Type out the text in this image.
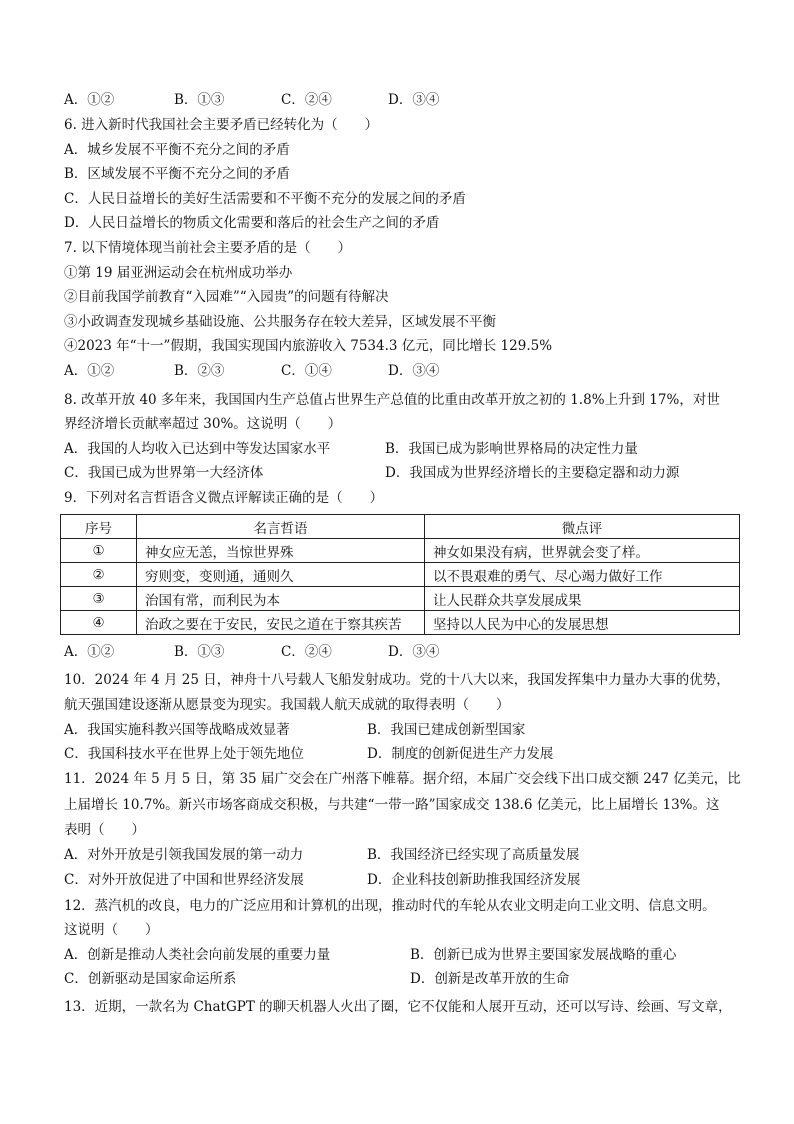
A．①②	B．①③	C．②④	D．③④
6. 进入新时代我国社会主要矛盾已经转化为（　　）
A．城乡发展不平衡不充分之间的矛盾
B．区域发展不平衡不充分之间的矛盾
C．人民日益增长的美好生活需要和不平衡不充分的发展之间的矛盾
D．人民日益增长的物质文化需要和落后的社会生产之间的矛盾
7. 以下情境体现当前社会主要矛盾的是（　　）
①第 19 届亚洲运动会在杭州成功举办
②目前我国学前教育“入园难”“入园贵”的问题有待解决
③小政调查发现城乡基础设施、公共服务存在较大差异，区域发展不平衡
④2023 年“十一”假期，我国实现国内旅游收入 7534.3 亿元，同比增长 129.5%
A．①②	B．②③	C．①④	D．③④
8. 改革开放 40 多年来，我国国内生产总值占世界生产总值的比重由改革开放之初的 1.8%上升到 17%，对世
界经济增长贡献率超过 30%。这说明（　　）
A．我国的人均收入已达到中等发达国家水平	B．我国已成为影响世界格局的决定性力量
C．我国已成为世界第一大经济体	D．我国成为世界经济增长的主要稳定器和动力源
9．下列对名言哲语含义微点评解读正确的是（　　）
序号	名言哲语	微点评
①	神女应无恙，当惊世界殊	神女如果没有病，世界就会变了样。
②	穷则变，变则通，通则久	以不畏艰难的勇气、尽心竭力做好工作
③	治国有常，而利民为本	让人民群众共享发展成果
④	治政之要在于安民，安民之道在于察其疾苦	坚持以人民为中心的发展思想
A．①②	B．①③	C．②④	D．③④
10．2024 年 4 月 25 日，神舟十八号载人飞船发射成功。党的十八大以来，我国发挥集中力量办大事的优势，
航天强国建设逐渐从愿景变为现实。我国载人航天成就的取得表明（　　）
A．我国实施科教兴国等战略成效显著	B．我国已建成创新型国家
C．我国科技水平在世界上处于领先地位	D．制度的创新促进生产力发展
11．2024 年 5 月 5 日，第 35 届广交会在广州落下帷幕。据介绍，本届广交会线下出口成交额 247 亿美元，比
上届增长 10.7%。新兴市场客商成交积极，与共建“一带一路”国家成交 138.6 亿美元，比上届增长 13%。这
表明（　　）
A．对外开放是引领我国发展的第一动力	B．我国经济已经实现了高质量发展
C．对外开放促进了中国和世界经济发展	D．企业科技创新助推我国经济发展
12．蒸汽机的改良，电力的广泛应用和计算机的出现，推动时代的车轮从农业文明走向工业文明、信息文明。
这说明（　　）
A．创新是推动人类社会向前发展的重要力量	B．创新已成为世界主要国家发展战略的重心
C．创新驱动是国家命运所系	D．创新是改革开放的生命
13．近期，一款名为 ChatGPT 的聊天机器人火出了圈，它不仅能和人展开互动，还可以写诗、绘画、写文章，
